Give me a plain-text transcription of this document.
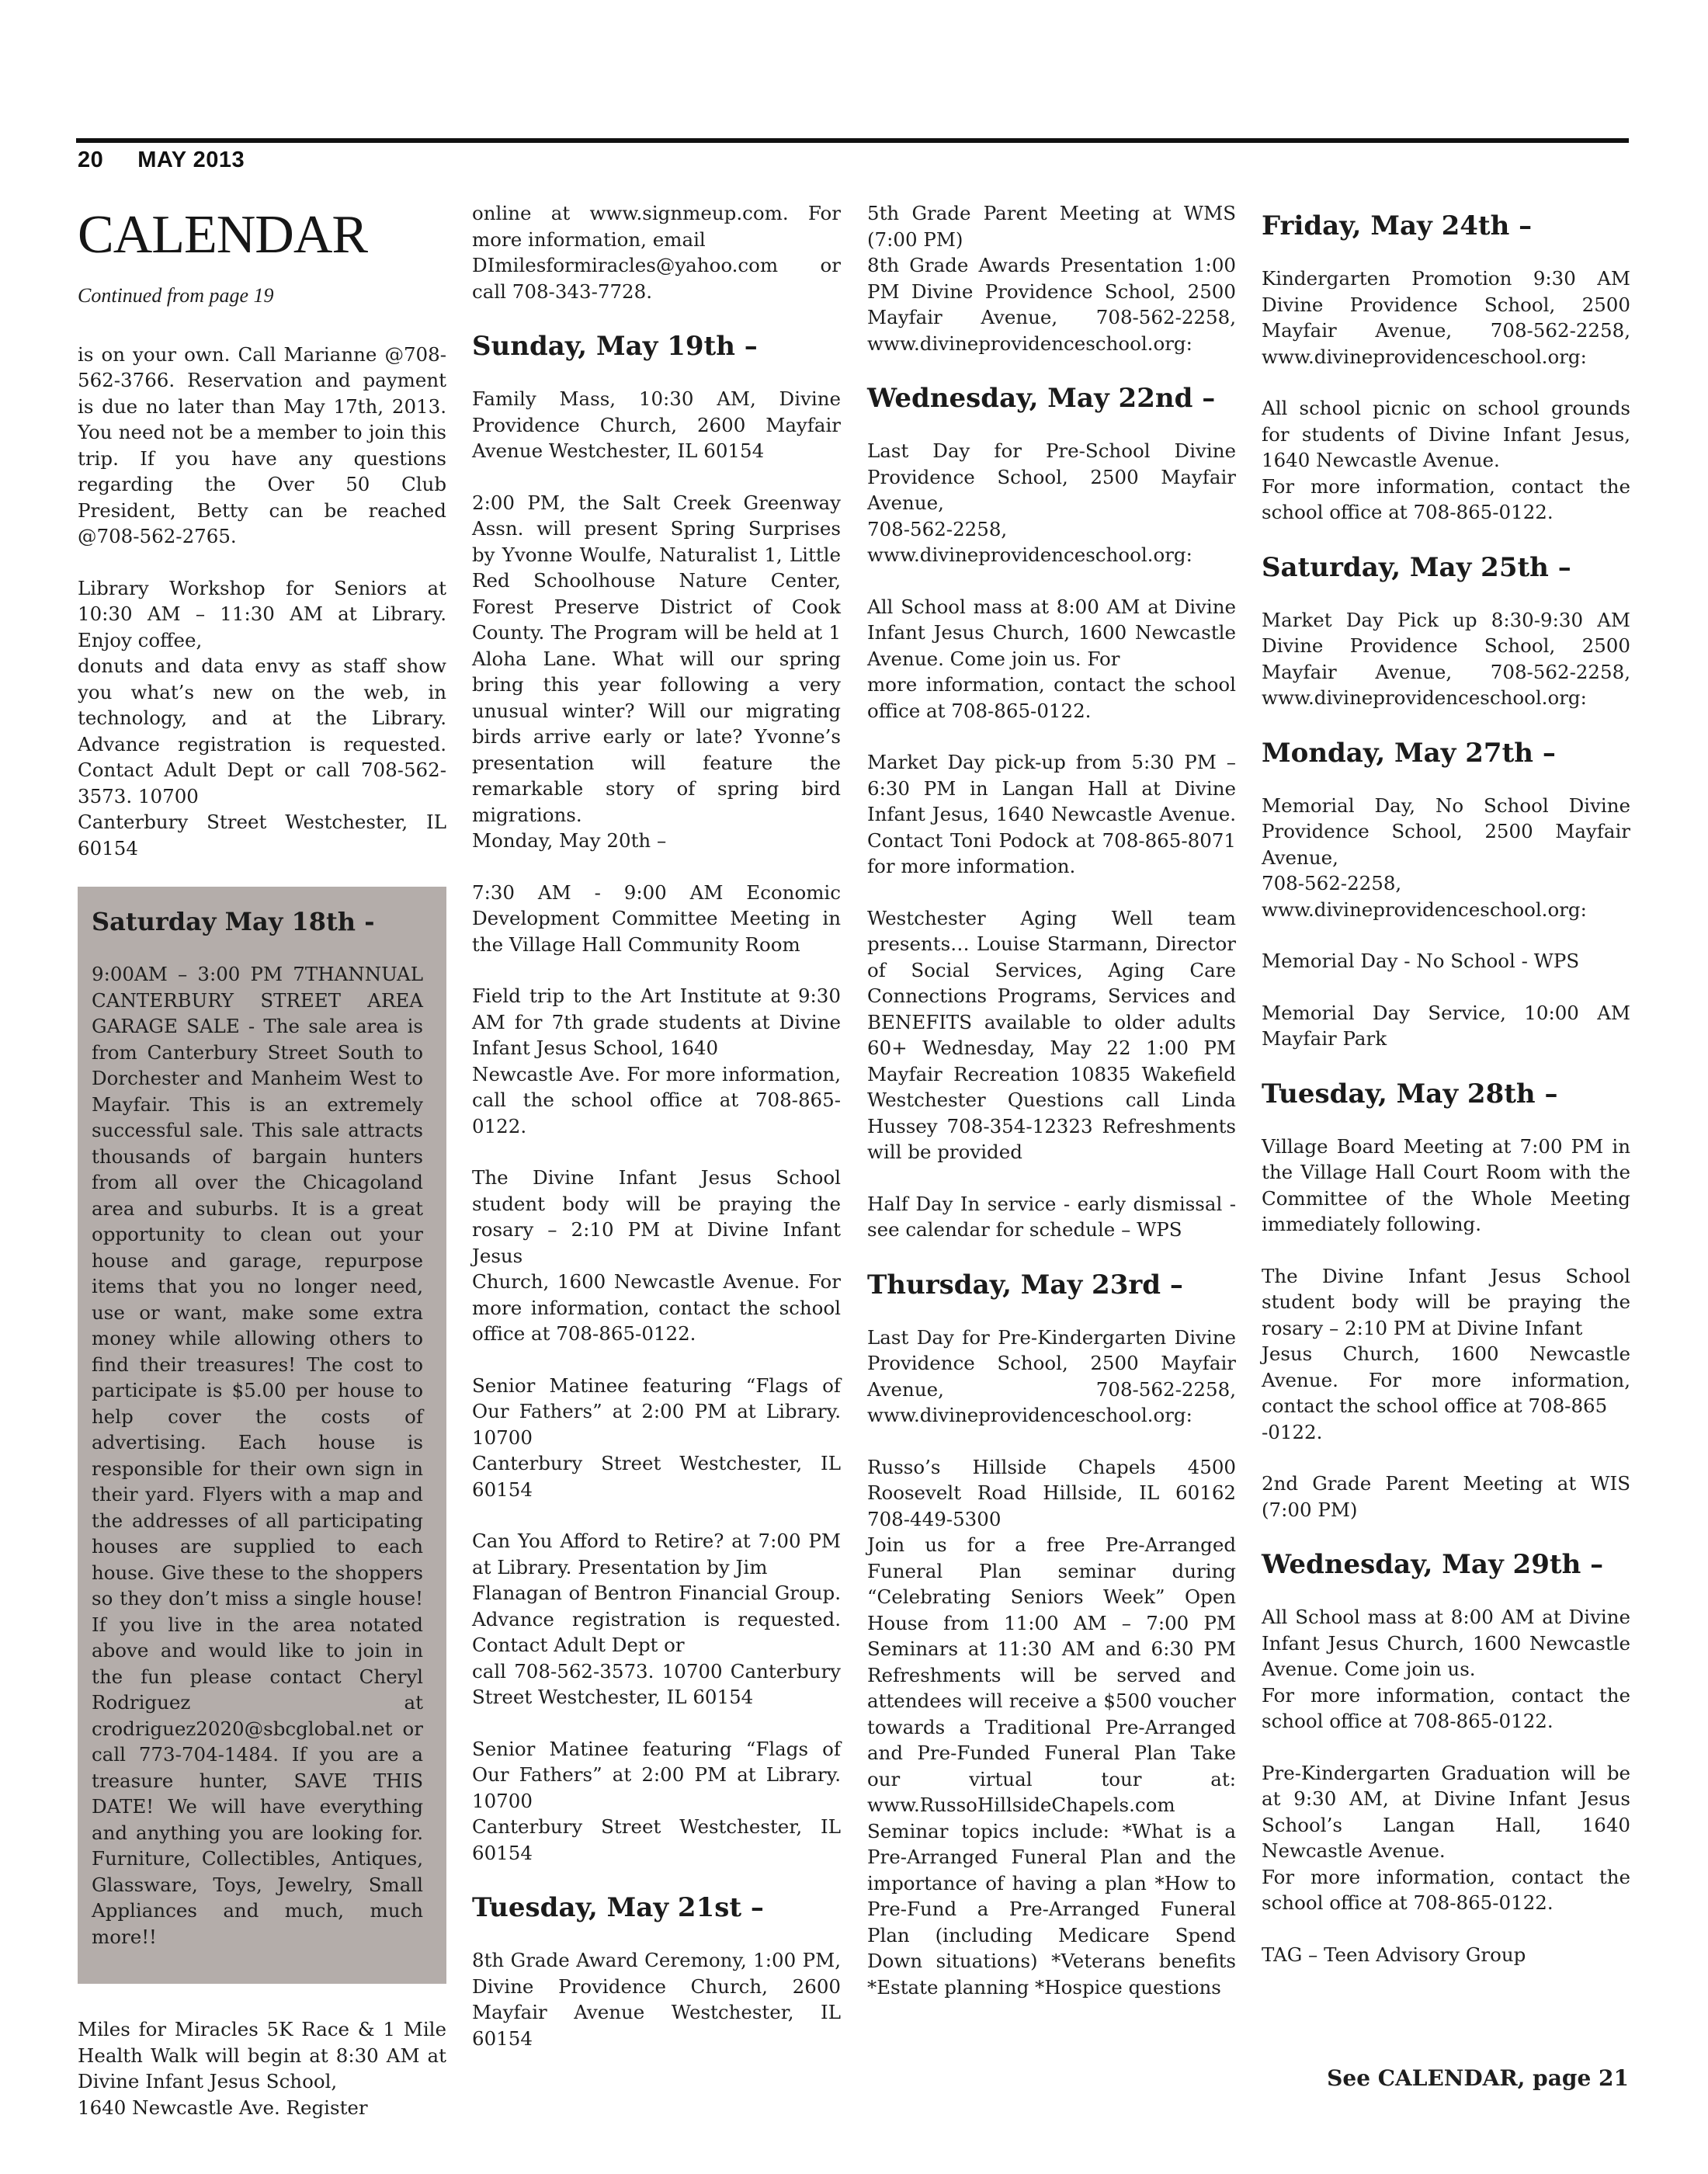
20 MAY 2013
CALENDAR
Continued from page 19

is on your own. Call Marianne @708-562-3766. Reservation and payment is due no later than May 17th, 2013. You need not be a member to join this trip. If you have any questions regarding the Over 50 Club President, Betty can be reached @708-562-2765.

Library Workshop for Seniors at 10:30 AM – 11:30 AM at Library. Enjoy coffee,
donuts and data envy as staff show you what’s new on the web, in technology, and at the Library. Advance registration is requested. Contact Adult Dept or call 708-562-3573. 10700
Canterbury Street Westchester, IL 60154

Saturday May 18th -

9:00AM – 3:00 PM 7THANNUAL CANTERBURY STREET AREA GARAGE SALE - The sale area is from Canterbury Street South to Dorchester and Manheim West to Mayfair. This is an extremely successful sale. This sale attracts thousands of bargain hunters from all over the Chicagoland area and suburbs. It is a great opportunity to clean out your house and garage, repurpose items that you no longer need, use or want, make some extra money while allowing others to find their treasures! The cost to participate is $5.00 per house to help cover the costs of advertising. Each house is responsible for their own sign in their yard. Flyers with a map and the addresses of all participating houses are supplied to each house. Give these to the shoppers so they don’t miss a single house! If you live in the area notated above and would like to join in the fun please contact Cheryl Rodriguez at crodriguez2020@sbcglobal.net or call 773-704-1484. If you are a treasure hunter, SAVE THIS DATE! We will have everything and anything you are looking for. Furniture, Collectibles, Antiques, Glassware, Toys, Jewelry, Small Appliances and much, much more!!

Miles for Miracles 5K Race & 1 Mile Health Walk will begin at 8:30 AM at Divine Infant Jesus School,
1640 Newcastle Ave. Register

online at www.signmeup.com. For more information, email
DImilesformiracles@yahoo.com or call 708-343-7728.

Sunday, May 19th –

Family Mass, 10:30 AM, Divine Providence Church, 2600 Mayfair Avenue Westchester, IL 60154

2:00 PM, the Salt Creek Greenway Assn. will present Spring Surprises by Yvonne Woulfe, Naturalist 1, Little Red Schoolhouse Nature Center, Forest Preserve District of Cook County. The Program will be held at 1 Aloha Lane. What will our spring bring this year following a very unusual winter? Will our migrating birds arrive early or late? Yvonne’s presentation will feature the remarkable story of spring bird migrations.
Monday, May 20th –

7:30 AM - 9:00 AM Economic Development Committee Meeting in the Village Hall Community Room

Field trip to the Art Institute at 9:30 AM for 7th grade students at Divine Infant Jesus School, 1640
Newcastle Ave. For more information, call the school office at 708-865-0122.

The Divine Infant Jesus School student body will be praying the rosary – 2:10 PM at Divine Infant Jesus
Church, 1600 Newcastle Avenue. For more information, contact the school office at 708-865-0122.

Senior Matinee featuring “Flags of Our Fathers” at 2:00 PM at Library. 10700
Canterbury Street Westchester, IL 60154

Can You Afford to Retire? at 7:00 PM at Library. Presentation by Jim
Flanagan of Bentron Financial Group. Advance registration is requested. Contact Adult Dept or
call 708-562-3573. 10700 Canterbury Street Westchester, IL 60154

Senior Matinee featuring “Flags of Our Fathers” at 2:00 PM at Library. 10700
Canterbury Street Westchester, IL 60154

Tuesday, May 21st –

8th Grade Award Ceremony, 1:00 PM, Divine Providence Church, 2600 Mayfair Avenue Westchester, IL 60154

5th Grade Parent Meeting at WMS (7:00 PM)
8th Grade Awards Presentation 1:00 PM Divine Providence School, 2500 Mayfair Avenue, 708-562-2258, www.divineprovidenceschool.org:

Wednesday, May 22nd –

Last Day for Pre-School Divine Providence School, 2500 Mayfair Avenue,
708-562-2258,
www.divineprovidenceschool.org:

All School mass at 8:00 AM at Divine Infant Jesus Church, 1600 Newcastle Avenue. Come join us. For
more information, contact the school office at 708-865-0122.

Market Day pick-up from 5:30 PM – 6:30 PM in Langan Hall at Divine Infant Jesus, 1640 Newcastle Avenue. Contact Toni Podock at 708-865-8071 for more information.

Westchester Aging Well team presents… Louise Starmann, Director of Social Services, Aging Care Connections Programs, Services and BENEFITS available to older adults 60+ Wednesday, May 22 1:00 PM Mayfair Recreation 10835 Wakefield Westchester Questions call Linda Hussey 708-354-12323 Refreshments will be provided

Half Day In service - early dismissal - see calendar for schedule – WPS

Thursday, May 23rd –

Last Day for Pre-Kindergarten Divine Providence School, 2500 Mayfair Avenue, 708-562-2258, www.divineprovidenceschool.org:

Russo’s Hillside Chapels 4500 Roosevelt Road Hillside, IL 60162 708-449-5300
Join us for a free Pre-Arranged Funeral Plan seminar during “Celebrating Seniors Week” Open House from 11:00 AM – 7:00 PM Seminars at 11:30 AM and 6:30 PM Refreshments will be served and attendees will receive a $500 voucher towards a Traditional Pre-Arranged and Pre-Funded Funeral Plan Take our virtual tour at: www.RussoHillsideChapels.com Seminar topics include: *What is a Pre-Arranged Funeral Plan and the importance of having a plan *How to Pre-Fund a Pre-Arranged Funeral Plan (including Medicare Spend Down situations) *Veterans benefits *Estate planning *Hospice questions

Friday, May 24th –

Kindergarten Promotion 9:30 AM Divine Providence School, 2500 Mayfair Avenue, 708-562-2258, www.divineprovidenceschool.org:

All school picnic on school grounds for students of Divine Infant Jesus, 1640 Newcastle Avenue.
For more information, contact the school office at 708-865-0122.

Saturday, May 25th –

Market Day Pick up 8:30-9:30 AM Divine Providence School, 2500 Mayfair Avenue, 708-562-2258, www.divineprovidenceschool.org:

Monday, May 27th –

Memorial Day, No School Divine Providence School, 2500 Mayfair Avenue,
708-562-2258, www.divineprovidenceschool.org:

Memorial Day - No School - WPS

Memorial Day Service, 10:00 AM Mayfair Park

Tuesday, May 28th –

Village Board Meeting at 7:00 PM in the Village Hall Court Room with the Committee of the Whole Meeting immediately following.

The Divine Infant Jesus School student body will be praying the rosary – 2:10 PM at Divine Infant
Jesus Church, 1600 Newcastle Avenue. For more information, contact the school office at 708-865
-0122.

2nd Grade Parent Meeting at WIS (7:00 PM)

Wednesday, May 29th –

All School mass at 8:00 AM at Divine Infant Jesus Church, 1600 Newcastle Avenue. Come join us.
For more information, contact the school office at 708-865-0122.

Pre-Kindergarten Graduation will be at 9:30 AM, at Divine Infant Jesus School’s Langan Hall, 1640 Newcastle Avenue.
For more information, contact the school office at 708-865-0122.

TAG – Teen Advisory Group

See CALENDAR, page 21
